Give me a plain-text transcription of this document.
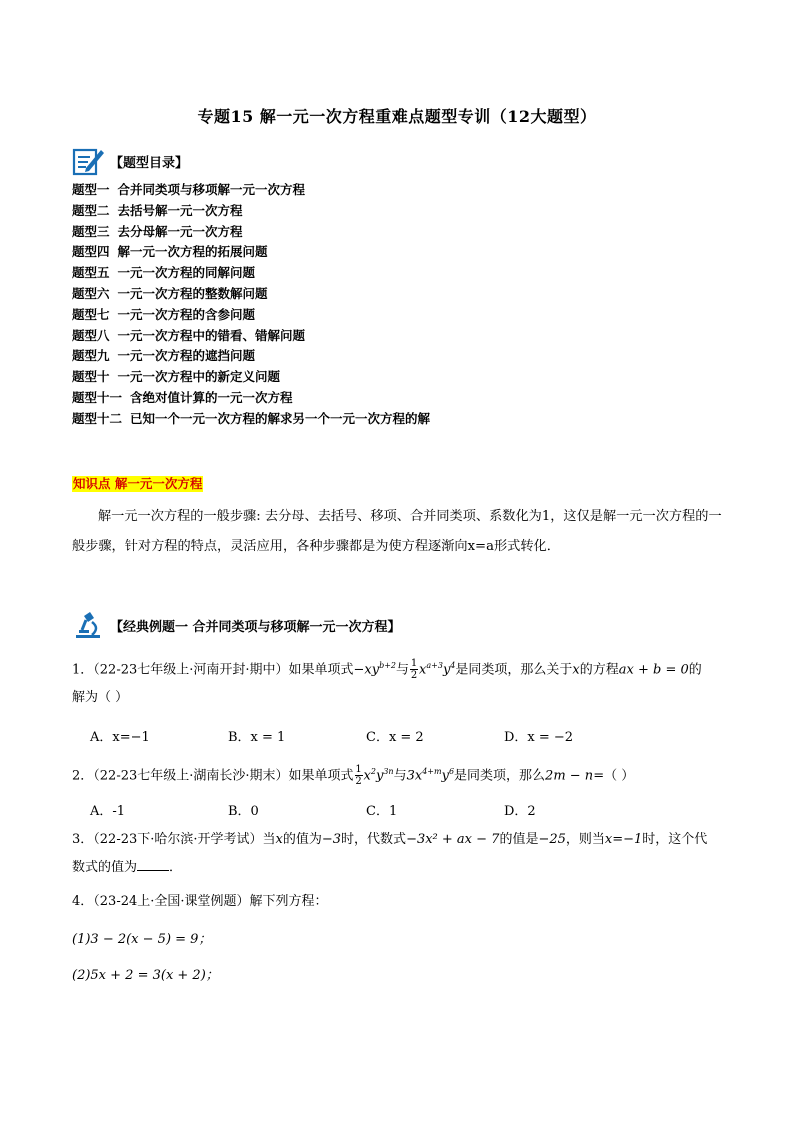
专题15 解一元一次方程重难点题型专训（12大题型）
【题型目录】
题型一 合并同类项与移项解一元一次方程
题型二 去括号解一元一次方程
题型三 去分母解一元一次方程
题型四 解一元一次方程的拓展问题
题型五 一元一次方程的同解问题
题型六 一元一次方程的整数解问题
题型七 一元一次方程的含参问题
题型八 一元一次方程中的错看、错解问题
题型九 一元一次方程的遮挡问题
题型十 一元一次方程中的新定义问题
题型十一 含绝对值计算的一元一次方程
题型十二 已知一个一元一次方程的解求另一个一元一次方程的解
知识点 解一元一次方程
解一元一次方程的一般步骤: 去分母、去括号、移项、合并同类项、系数化为1，这仅是解一元一次方程的一般步骤，针对方程的特点，灵活应用，各种步骤都是为使方程逐渐向x=a形式转化．
【经典例题一 合并同类项与移项解一元一次方程】
1．（22-23七年级上·河南开封·期中）如果单项式$-xy^{b+2}$与 $\frac{1}{2} x^{a+3}y^4$是同类项，那么关于x的方程ax + b = 0的
解为（ ）
A．x=−1	B．x = 1	C．x = 2	D．x = −2
2．（22-23七年级上·湖南长沙·期末）如果单项式 $\frac{1}{2} x^2y^{3n}$与$3x^{4+m}y^6$是同类项，那么2m − n=（ ）
A．-1	B．0	C．1	D．2
3．（22-23下·哈尔滨·开学考试）当x的值为−3时，代数式−3x² + ax − 7的值是−25，则当x=−1时，这个代
数式的值为 ．
4．（23-24上·全国·课堂例题）解下列方程：
(1)3 − 2(x − 5) = 9；
(2)5x + 2 = 3(x + 2)；
